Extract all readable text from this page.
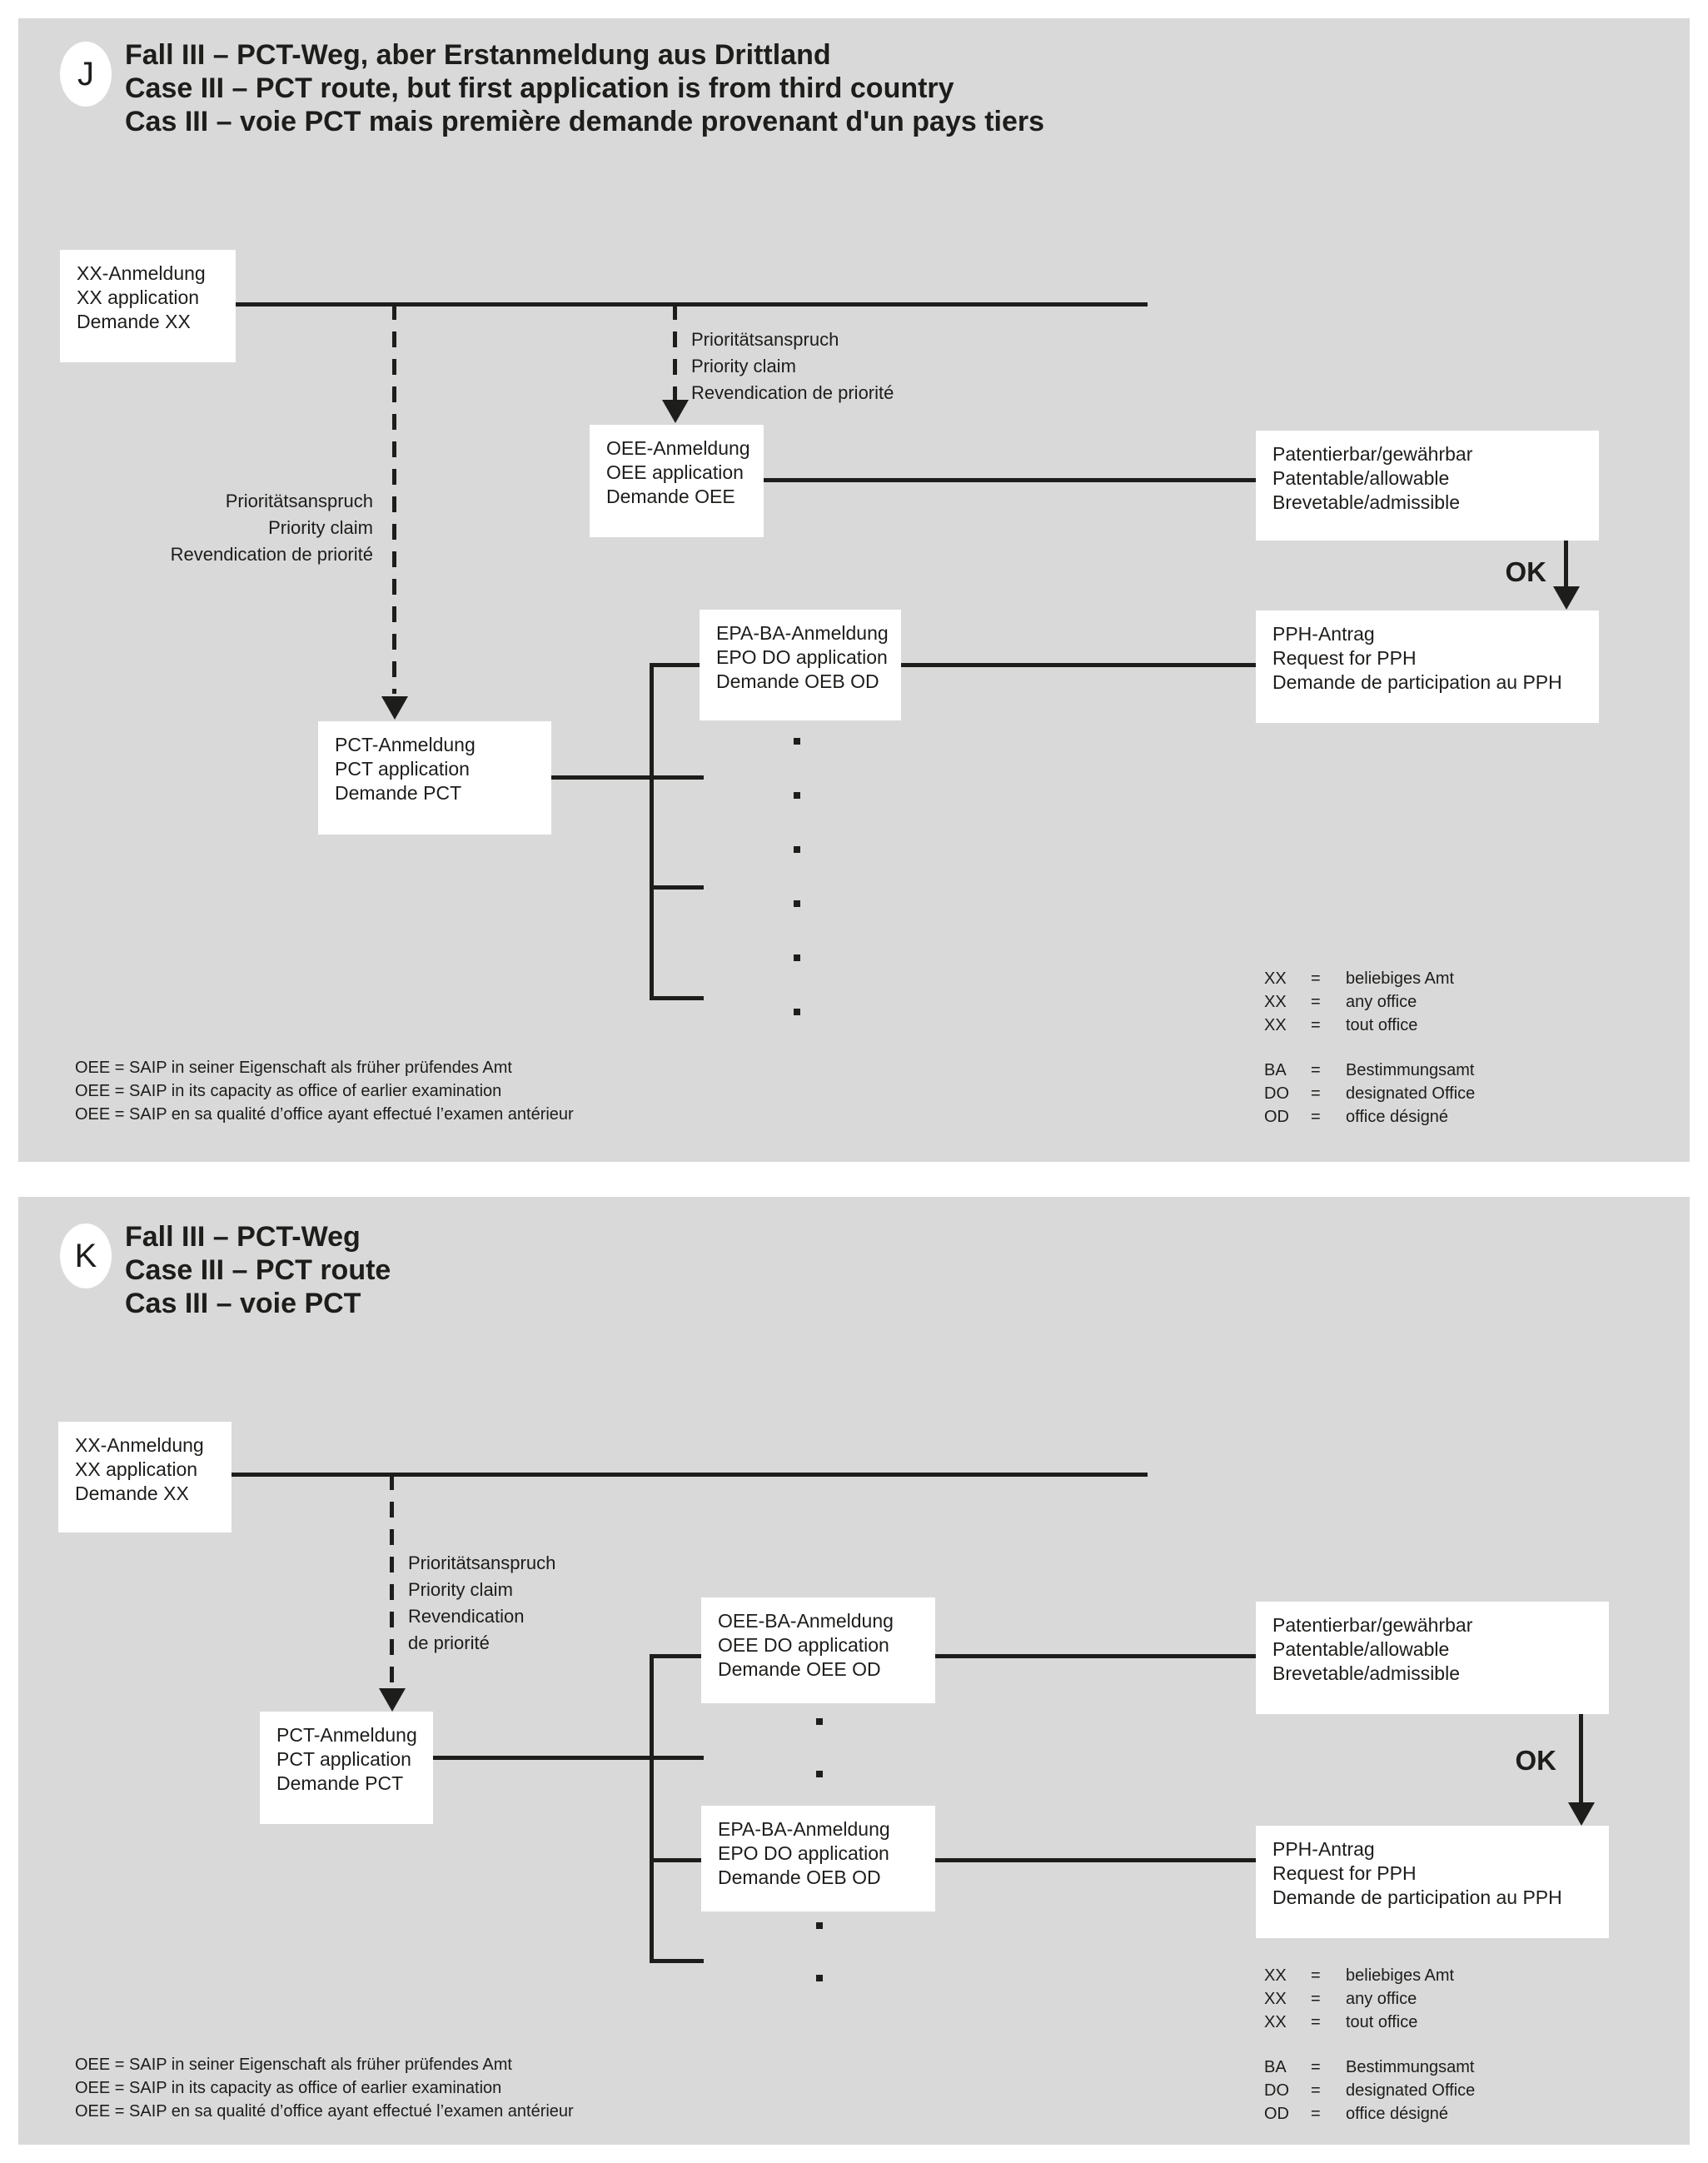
J
Fall III – PCT-Weg, aber Erstanmeldung aus Drittland
Case III – PCT route, but first application is from third country
Cas III – voie PCT mais première demande provenant d'un pays tiers
XX-Anmeldung
XX application
Demande XX
Prioritätsanspruch
Priority claim
Revendication de priorité
OEE-Anmeldung
OEE application
Demande OEE
Patentierbar/gewährbar
Patentable/allowable
Brevetable/admissible
OK
PPH-Antrag
Request for PPH
Demande de participation au PPH
EPA-BA-Anmeldung
EPO DO application
Demande OEB OD
Prioritätsanspruch
Priority claim
Revendication de priorité
PCT-Anmeldung
PCT application
Demande PCT
OEE = SAIP in seiner Eigenschaft als früher prüfendes Amt
OEE = SAIP in its capacity as office of earlier examination
OEE = SAIP en sa qualité d’office ayant effectué l’examen antérieur
XX	=	beliebiges Amt
XX	=	any office
XX	=	tout office
BA	=	Bestimmungsamt
DO	=	designated Office
OD	=	office désigné
K
Fall III – PCT-Weg
Case III – PCT route
Cas III – voie PCT
XX-Anmeldung
XX application
Demande XX
Prioritätsanspruch
Priority claim
Revendication
de priorité
PCT-Anmeldung
PCT application
Demande PCT
OEE-BA-Anmeldung
OEE DO application
Demande OEE OD
EPA-BA-Anmeldung
EPO DO application
Demande OEB OD
Patentierbar/gewährbar
Patentable/allowable
Brevetable/admissible
OK
PPH-Antrag
Request for PPH
Demande de participation au PPH
OEE = SAIP in seiner Eigenschaft als früher prüfendes Amt
OEE = SAIP in its capacity as office of earlier examination
OEE = SAIP en sa qualité d’office ayant effectué l’examen antérieur
XX	=	beliebiges Amt
XX	=	any office
XX	=	tout office
BA	=	Bestimmungsamt
DO	=	designated Office
OD	=	office désigné
